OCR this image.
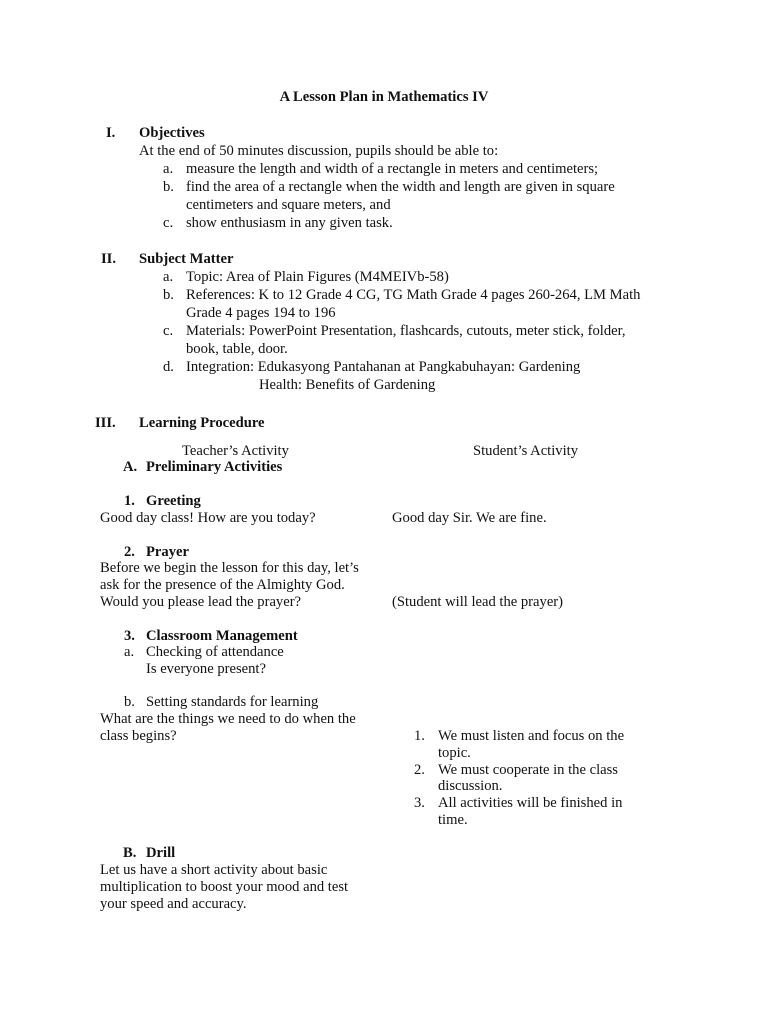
A Lesson Plan in Mathematics IV
I. Objectives
At the end of 50 minutes discussion, pupils should be able to:
a. measure the length and width of a rectangle in meters and centimeters;
b. find the area of a rectangle when the width and length are given in square
centimeters and square meters, and
c. show enthusiasm in any given task.
II. Subject Matter
a. Topic: Area of Plain Figures (M4MEIVb-58)
b. References: K to 12 Grade 4 CG, TG Math Grade 4 pages 260-264, LM Math
Grade 4 pages 194 to 196
c. Materials: PowerPoint Presentation, flashcards, cutouts, meter stick, folder,
book, table, door.
d. Integration: Edukasyong Pantahanan at Pangkabuhayan: Gardening
Health: Benefits of Gardening
III. Learning Procedure
Teacher’s Activity	Student’s Activity
A. Preliminary Activities
1. Greeting
Good day class! How are you today?	Good day Sir. We are fine.
2. Prayer
Before we begin the lesson for this day, let’s
ask for the presence of the Almighty God.
Would you please lead the prayer?	(Student will lead the prayer)
3. Classroom Management
a. Checking of attendance
Is everyone present?
b. Setting standards for learning
What are the things we need to do when the
class begins?	1. We must listen and focus on the
topic.
2. We must cooperate in the class
discussion.
3. All activities will be finished in
time.
B. Drill
Let us have a short activity about basic
multiplication to boost your mood and test
your speed and accuracy.
